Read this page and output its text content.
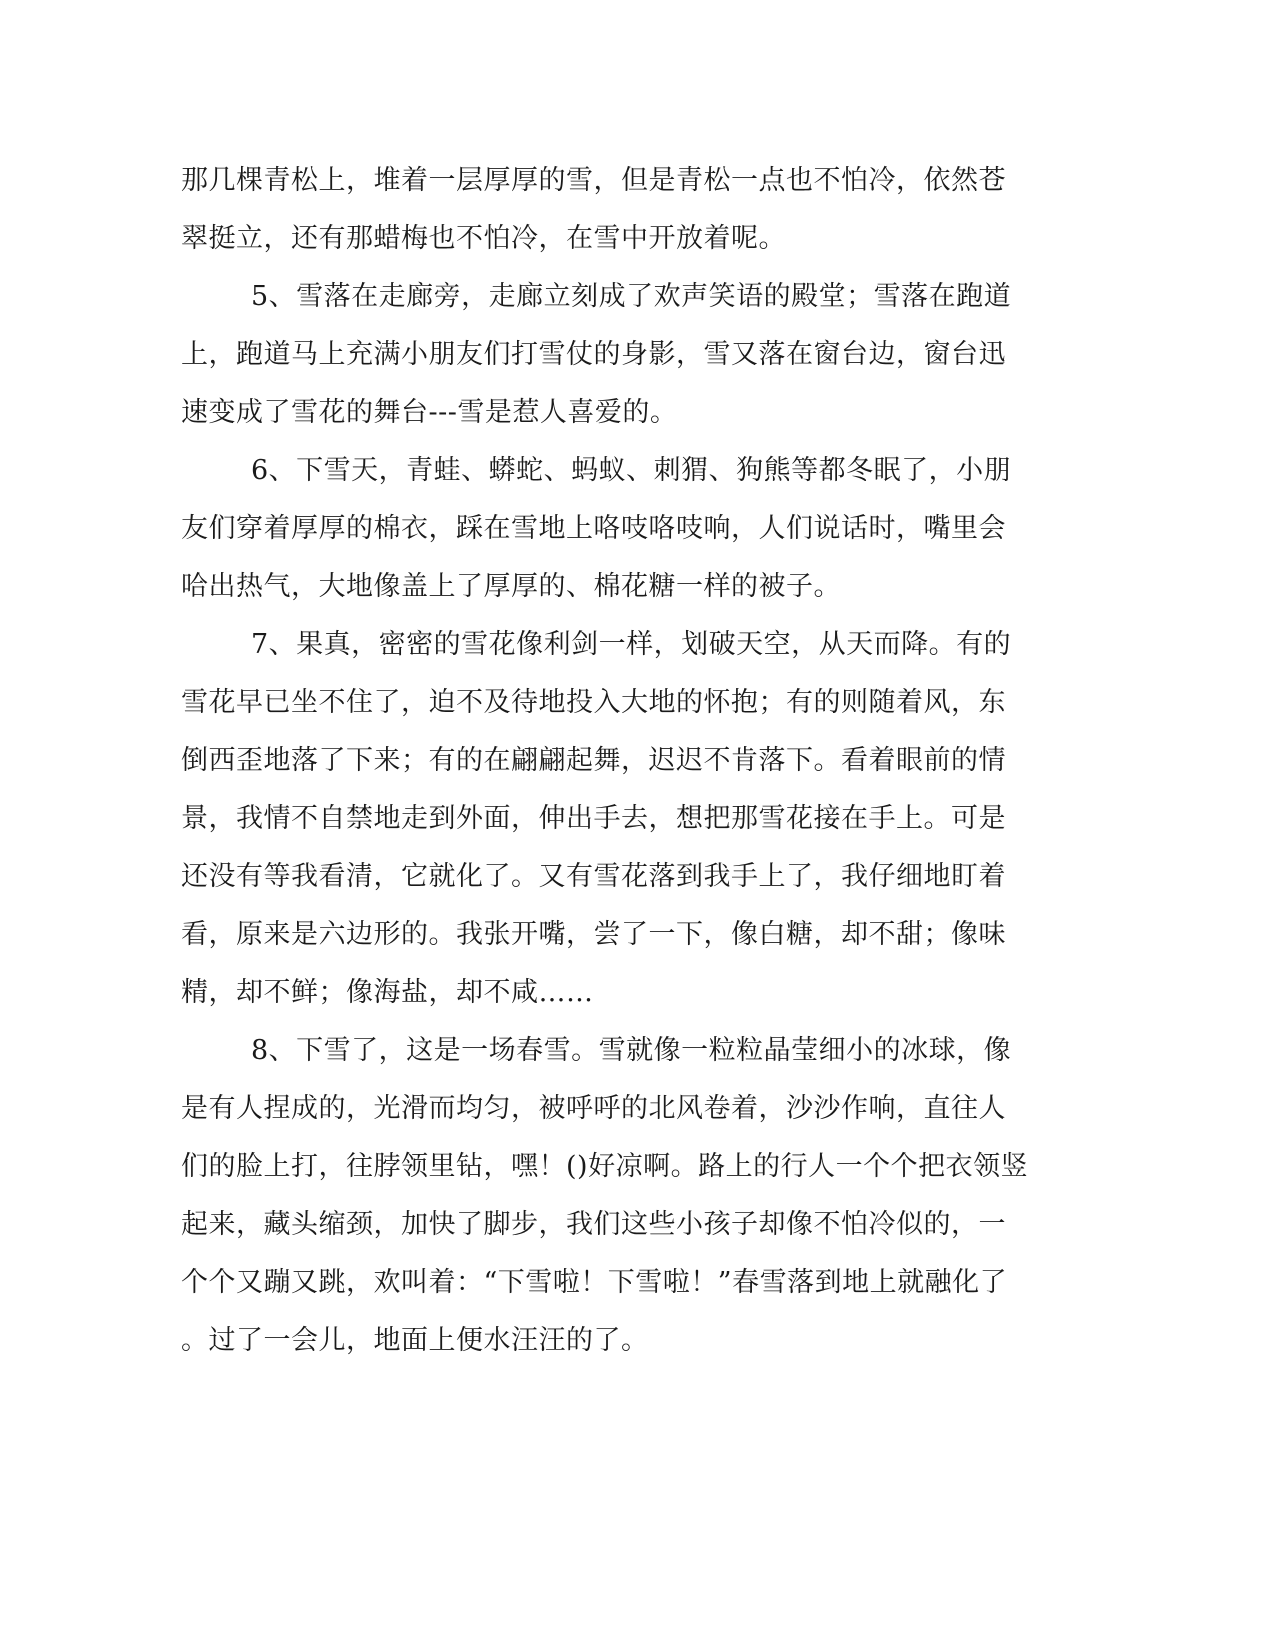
那几棵青松上，堆着一层厚厚的雪，但是青松一点也不怕冷，依然苍
翠挺立，还有那蜡梅也不怕冷，在雪中开放着呢。
5、雪落在走廊旁，走廊立刻成了欢声笑语的殿堂；雪落在跑道
上，跑道马上充满小朋友们打雪仗的身影，雪又落在窗台边，窗台迅
速变成了雪花的舞台---雪是惹人喜爱的。
6、下雪天，青蛙、蟒蛇、蚂蚁、刺猬、狗熊等都冬眠了，小朋
友们穿着厚厚的棉衣，踩在雪地上咯吱咯吱响，人们说话时，嘴里会
哈出热气，大地像盖上了厚厚的、棉花糖一样的被子。
7、果真，密密的雪花像利剑一样，划破天空，从天而降。有的
雪花早已坐不住了，迫不及待地投入大地的怀抱；有的则随着风，东
倒西歪地落了下来；有的在翩翩起舞，迟迟不肯落下。看着眼前的情
景，我情不自禁地走到外面，伸出手去，想把那雪花接在手上。可是
还没有等我看清，它就化了。又有雪花落到我手上了，我仔细地盯着
看，原来是六边形的。我张开嘴，尝了一下，像白糖，却不甜；像味
精，却不鲜；像海盐，却不咸……
8、下雪了，这是一场春雪。雪就像一粒粒晶莹细小的冰球，像
是有人捏成的，光滑而均匀，被呼呼的北风卷着，沙沙作响，直往人
们的脸上打，往脖领里钻，嘿！()好凉啊。路上的行人一个个把衣领竖
起来，藏头缩颈，加快了脚步，我们这些小孩子却像不怕冷似的，一
个个又蹦又跳，欢叫着：“下雪啦！下雪啦！”春雪落到地上就融化了
。过了一会儿，地面上便水汪汪的了。
